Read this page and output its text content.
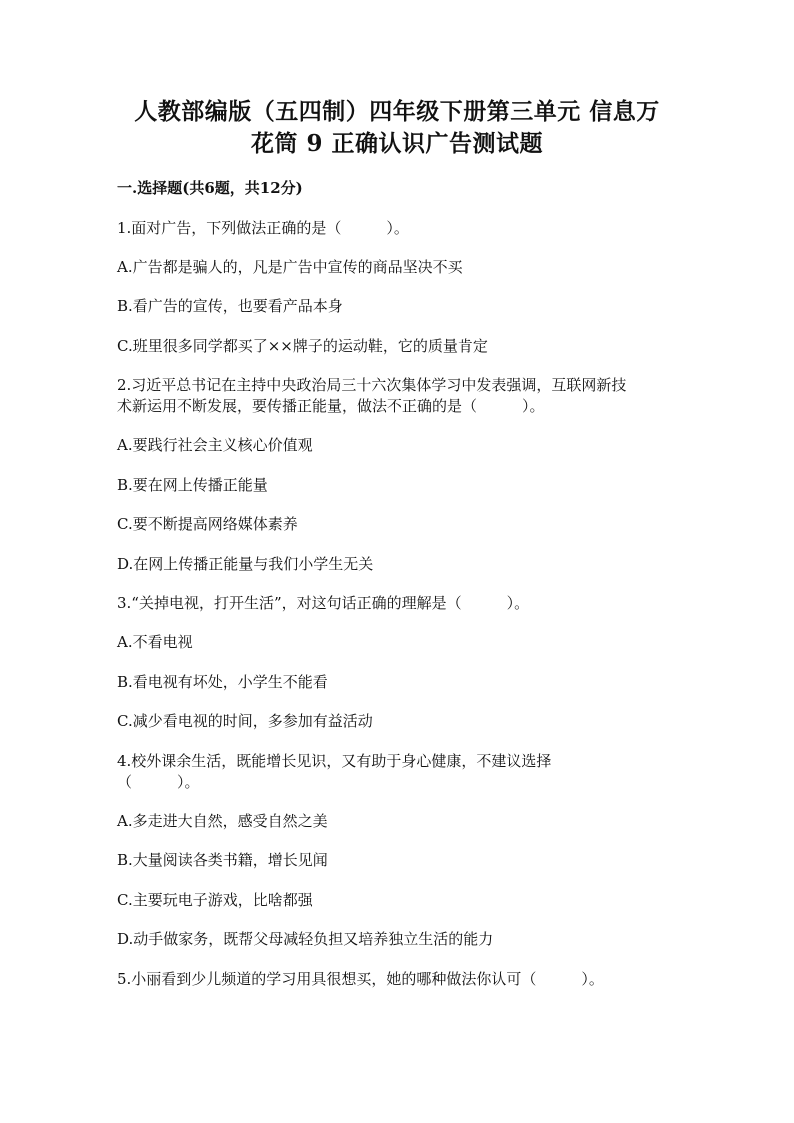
人教部编版（五四制）四年级下册第三单元 信息万
花筒 9 正确认识广告测试题
一.选择题(共6题，共12分)
1.面对广告，下列做法正确的是（　　　）。
A.广告都是骗人的，凡是广告中宣传的商品坚决不买
B.看广告的宣传，也要看产品本身
C.班里很多同学都买了××牌子的运动鞋，它的质量肯定
2.习近平总书记在主持中央政治局三十六次集体学习中发表强调，互联网新技
术新运用不断发展，要传播正能量，做法不正确的是（　　　）。
A.要践行社会主义核心价值观
B.要在网上传播正能量
C.要不断提高网络媒体素养
D.在网上传播正能量与我们小学生无关
3.“关掉电视，打开生活”，对这句话正确的理解是（　　　）。
A.不看电视
B.看电视有坏处，小学生不能看
C.减少看电视的时间，多参加有益活动
4.校外课余生活，既能增长见识，又有助于身心健康，不建议选择
（　　　）。
A.多走进大自然，感受自然之美
B.大量阅读各类书籍，增长见闻
C.主要玩电子游戏，比啥都强
D.动手做家务，既帮父母减轻负担又培养独立生活的能力
5.小丽看到少儿频道的学习用具很想买，她的哪种做法你认可（　　　）。
